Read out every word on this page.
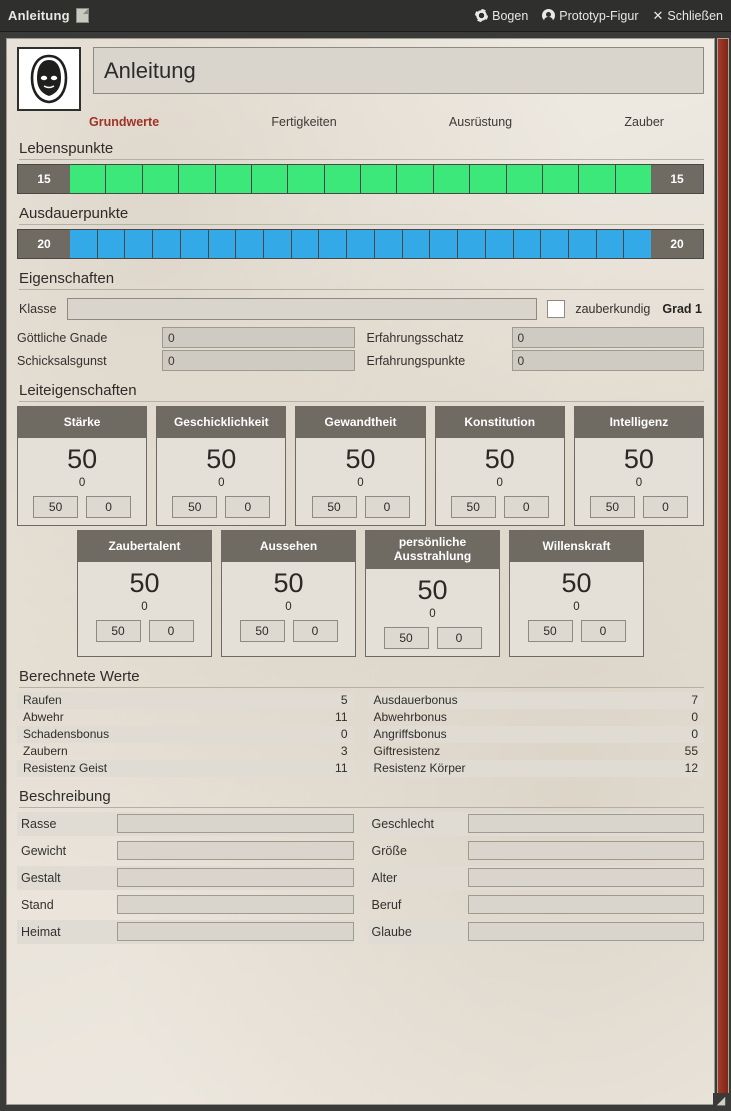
Anleitung	Bogen Prototyp-Figur ✕ Schließen
Anleitung
Grundwerte	Fertigkeiten	Ausrüstung	Zauber
Lebenspunkte
15	15
Ausdauerpunkte
20	20
Eigenschaften
Klasse	zauberkundig Grad 1
Göttliche Gnade	0	Erfahrungsschatz	0
Schicksalsgunst	0	Erfahrungspunkte	0
Leiteigenschaften
Stärke
50
0
50	0
Geschicklichkeit
50
0
50	0
Gewandtheit
50
0
50	0
Konstitution
50
0
50	0
Intelligenz
50
0
50	0
Zaubertalent
50
0
50	0
Aussehen
50
0
50	0
persönliche Ausstrahlung
50
0
50	0
Willenskraft
50
0
50	0
Berechnete Werte
Raufen	5 Ausdauerbonus	7
Abwehr	11 Abwehrbonus	0
Schadensbonus	0 Angriffsbonus	0
Zaubern	3 Giftresistenz	55
Resistenz Geist	11 Resistenz Körper	12
Beschreibung
Rasse	Geschlecht
Gewicht	Größe
Gestalt	Alter
Stand	Beruf
Heimat	Glaube
◢
